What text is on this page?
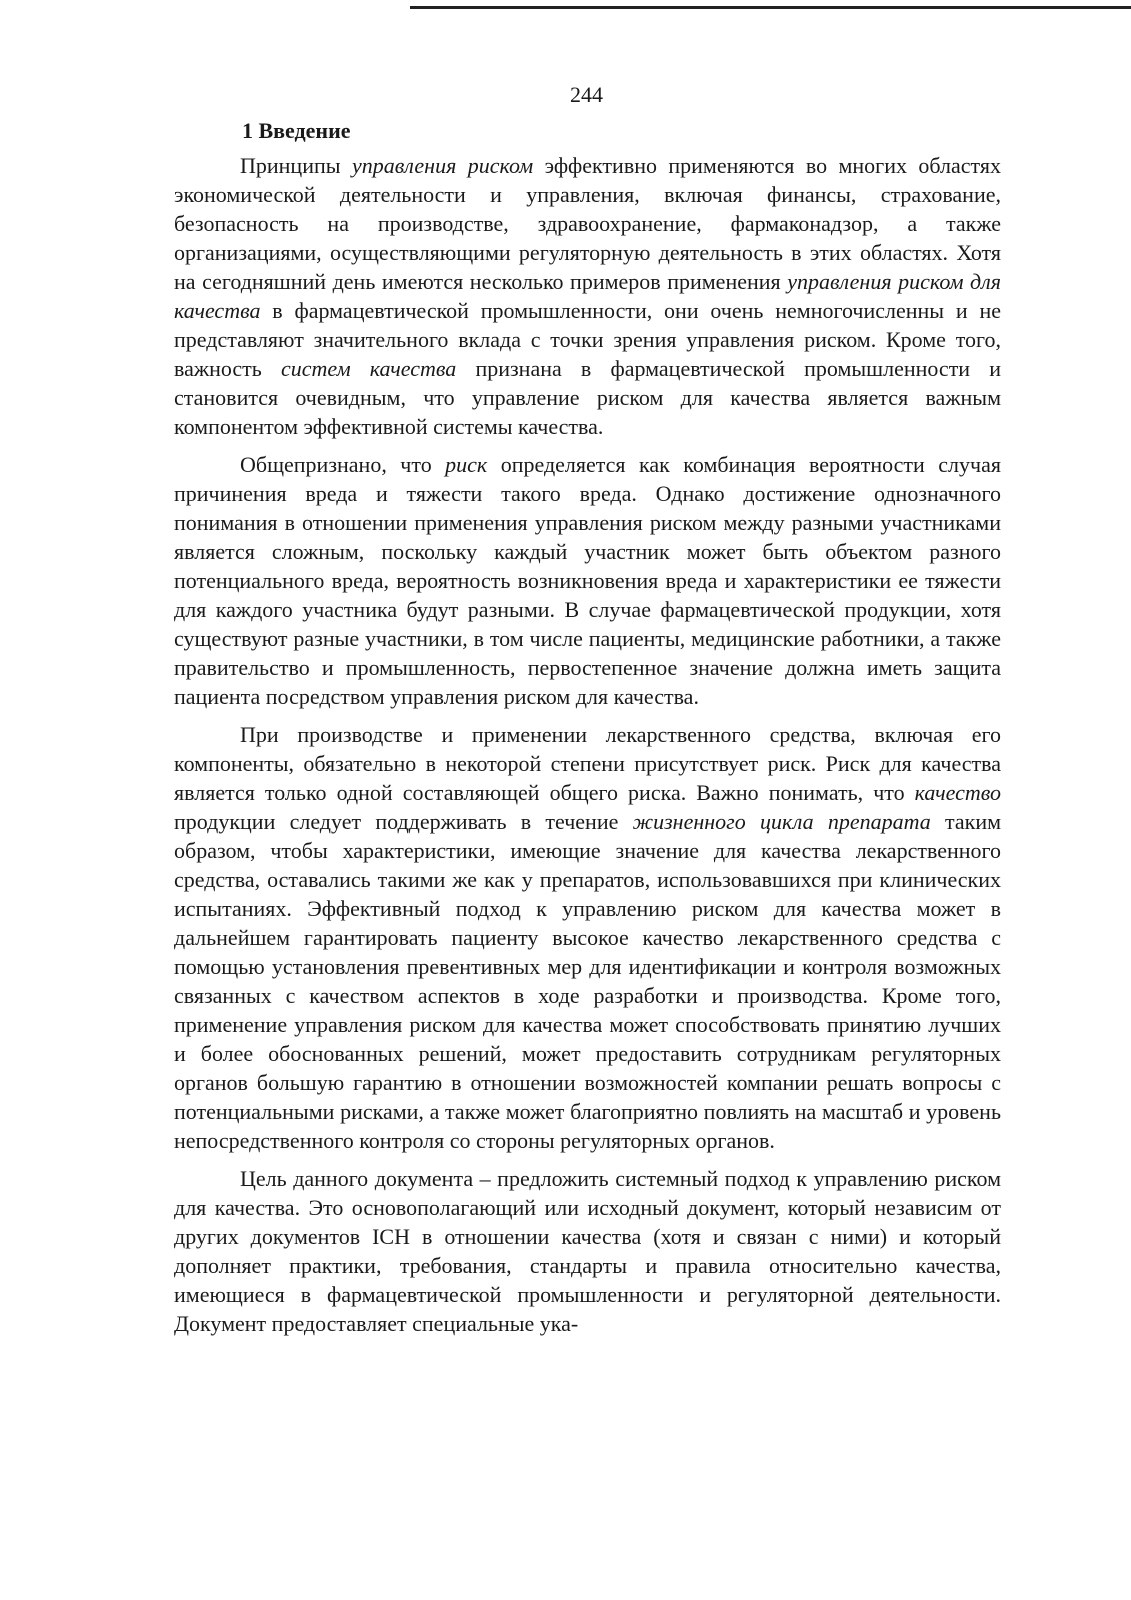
244
1 Введение

Принципы управления риском эффективно применяются во многих областях экономической деятельности и управления, включая финансы, страхование, безопасность на производстве, здравоохранение, фармаконадзор, а также организациями, осуществляющими регуляторную деятельность в этих областях. Хотя на сегодняшний день имеются несколько примеров применения управления риском для качества в фармацевтической промышленности, они очень немногочисленны и не представляют значительного вклада с точки зрения управления риском. Кроме того, важность систем качества признана в фармацевтической промышленности и становится очевидным, что управление риском для качества является важным компонентом эффективной системы качества.

Общепризнано, что риск определяется как комбинация вероятности случая причинения вреда и тяжести такого вреда. Однако достижение однозначного понимания в отношении применения управления риском между разными участниками является сложным, поскольку каждый участник может быть объектом разного потенциального вреда, вероятность возникновения вреда и характеристики ее тяжести для каждого участника будут разными. В случае фармацевтической продукции, хотя существуют разные участники, в том числе пациенты, медицинские работники, а также правительство и промышленность, первостепенное значение должна иметь защита пациента посредством управления риском для качества.

При производстве и применении лекарственного средства, включая его компоненты, обязательно в некоторой степени присутствует риск. Риск для качества является только одной составляющей общего риска. Важно понимать, что качество продукции следует поддерживать в течение жизненного цикла препарата таким образом, чтобы характеристики, имеющие значение для качества лекарственного средства, оставались такими же как у препаратов, использовавшихся при клинических испытаниях. Эффективный подход к управлению риском для качества может в дальнейшем гарантировать пациенту высокое качество лекарственного средства с помощью установления превентивных мер для идентификации и контроля возможных связанных с качеством аспектов в ходе разработки и производства. Кроме того, применение управления риском для качества может способствовать принятию лучших и более обоснованных решений, может предоставить сотрудникам регуляторных органов большую гарантию в отношении возможностей компании решать вопросы с потенциальными рисками, а также может благоприятно повлиять на масштаб и уровень непосредственного контроля со стороны регуляторных органов.

Цель данного документа – предложить системный подход к управлению риском для качества. Это основополагающий или исходный документ, который независим от других документов ICH в отношении качества (хотя и связан с ними) и который дополняет практики, требования, стандарты и правила относительно качества, имеющиеся в фармацевтической промышленности и регуляторной деятельности. Документ предоставляет специальные ука-
